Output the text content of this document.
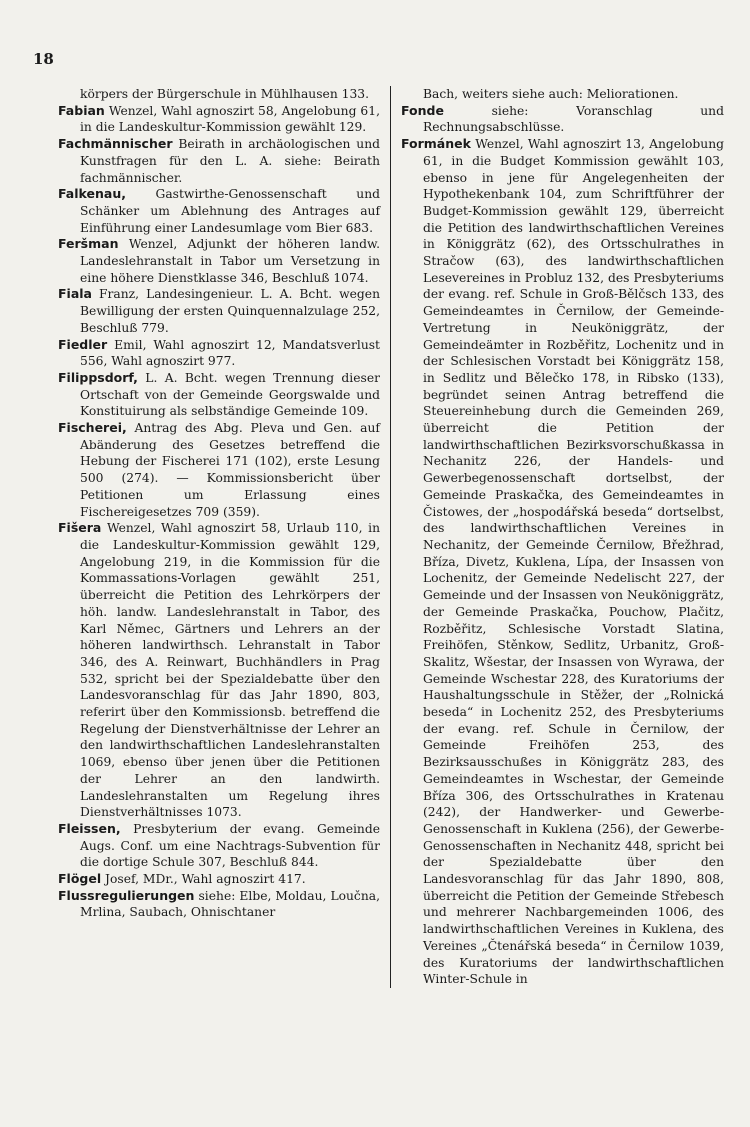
18

körpers der Bürgerschule in Mühlhausen 133.

Fabian Wenzel, Wahl agnoszirt 58, Angelobung 61, in die Landeskultur-Kommission gewählt 129.

Fachmännischer Beirath in archäologischen und Kunstfragen für den L. A. siehe: Beirath fachmännischer.

Falkenau, Gastwirthe-Genossenschaft und Schänker um Ablehnung des Antrages auf Einführung einer Landesumlage vom Bier 683.

Feršman Wenzel, Adjunkt der höheren landw. Landeslehranstalt in Tabor um Versetzung in eine höhere Dienstklasse 346, Beschluß 1074.

Fiala Franz, Landesingenieur. L. A. Bcht. wegen Bewilligung der ersten Quinquennalzulage 252, Beschluß 779.

Fiedler Emil, Wahl agnoszirt 12, Mandatsverlust 556, Wahl agnoszirt 977.

Filippsdorf, L. A. Bcht. wegen Trennung dieser Ortschaft von der Gemeinde Georgswalde und Konstituirung als selbständige Gemeinde 109.

Fischerei, Antrag des Abg. Pleva und Gen. auf Abänderung des Gesetzes betreffend die Hebung der Fischerei 171 (102), erste Lesung 500 (274). — Kommissionsbericht über Petitionen um Erlassung eines Fischereigesetzes 709 (359).

Fišera Wenzel, Wahl agnoszirt 58, Urlaub 110, in die Landeskultur-Kommission gewählt 129, Angelobung 219, in die Kommission für die Kommassations-Vorlagen gewählt 251, überreicht die Petition des Lehrkörpers der höh. landw. Landeslehranstalt in Tabor, des Karl Němec, Gärtners und Lehrers an der höheren landwirthsch. Lehranstalt in Tabor 346, des A. Reinwart, Buchhändlers in Prag 532, spricht bei der Spezialdebatte über den Landesvoranschlag für das Jahr 1890, 803, referirt über den Kommissionsb. betreffend die Regelung der Dienstverhältnisse der Lehrer an den landwirthschaftlichen Landeslehranstalten 1069, ebenso über jenen über die Petitionen der Lehrer an den landwirth. Landeslehranstalten um Regelung ihres Dienstverhältnisses 1073.

Fleissen, Presbyterium der evang. Gemeinde Augs. Conf. um eine Nachtrags-Subvention für die dortige Schule 307, Beschluß 844.

Flögel Josef, MDr., Wahl agnoszirt 417.

Flussregulierungen siehe: Elbe, Moldau, Loučna, Mrlina, Saubach, Ohnischtaner

Bach, weiters siehe auch: Meliorationen.

Fonde	siehe: Voranschlag und Rechnungsabschlüsse.

Formánek Wenzel, Wahl agnoszirt 13, Angelobung 61, in die Budget Kommission gewählt 103, ebenso in jene für Angelegenheiten der Hypothekenbank 104, zum Schriftführer der Budget-Kommission gewählt 129, überreicht die Petition des landwirthschaftlichen Vereines in Königgrätz (62), des Ortsschulrathes in Stračow (63), des landwirthschaftlichen Lesevereines in Probluz 132, des Presbyteriums der evang. ref. Schule in Groß-Bělčsch 133, des Gemeindeamtes in Černilow, der Gemeinde-Vertretung in Neuköniggrätz, der Gemeindeämter in Rozběřitz, Lochenitz und in der Schlesischen Vorstadt bei Königgrätz 158, in Sedlitz und Bělečko 178, in Ribsko (133), begründet seinen Antrag betreffend die Steuereinhebung durch die Gemeinden 269, überreicht die Petition der landwirthschaftlichen Bezirksvorschußkassa in Nechanitz 226, der Handels- und Gewerbegenossenschaft dortselbst, der Gemeinde Praskačka, des Gemeindeamtes in Čistowes, der „hospodářská beseda“ dortselbst, des landwirthschaftlichen Vereines in Nechanitz, der Gemeinde Černilow, Břežhrad, Bříza, Divetz, Kuklena, Lípa, der Insassen von Lochenitz, der Gemeinde Nedelischt 227, der Gemeinde und der Insassen von Neuköniggrätz, der Gemeinde Praskačka, Pouchow, Plačitz, Rozběřitz, Schlesische Vorstadt Slatina, Freihöfen, Stěnkow, Sedlitz, Urbanitz, Groß-Skalitz, Wšestar, der Insassen von Wyrawa, der Gemeinde Wschestar 228, des Kuratoriums der Haushaltungsschule in Stěžer, der „Rolnická beseda“ in Lochenitz 252, des Presbyteriums der evang. ref. Schule in Černilow, der Gemeinde Freihöfen 253, des Bezirksausschußes in Königgrätz 283, des Gemeindeamtes in Wschestar, der Gemeinde Bříza 306, des Ortsschulrathes in Kratenau (242), der Handwerker- und Gewerbe-Genossenschaft in Kuklena (256), der Gewerbe-Genossenschaften in Nechanitz 448, spricht bei der Spezialdebatte über den Landesvoranschlag für das Jahr 1890, 808, überreicht die Petition der Gemeinde Střebesch und mehrerer Nachbargemeinden 1006, des landwirthschaftlichen Vereines in Kuklena, des Vereines „Čtenářská beseda“ in Černilow 1039, des Kuratoriums der landwirthschaftlichen Winter-Schule in
